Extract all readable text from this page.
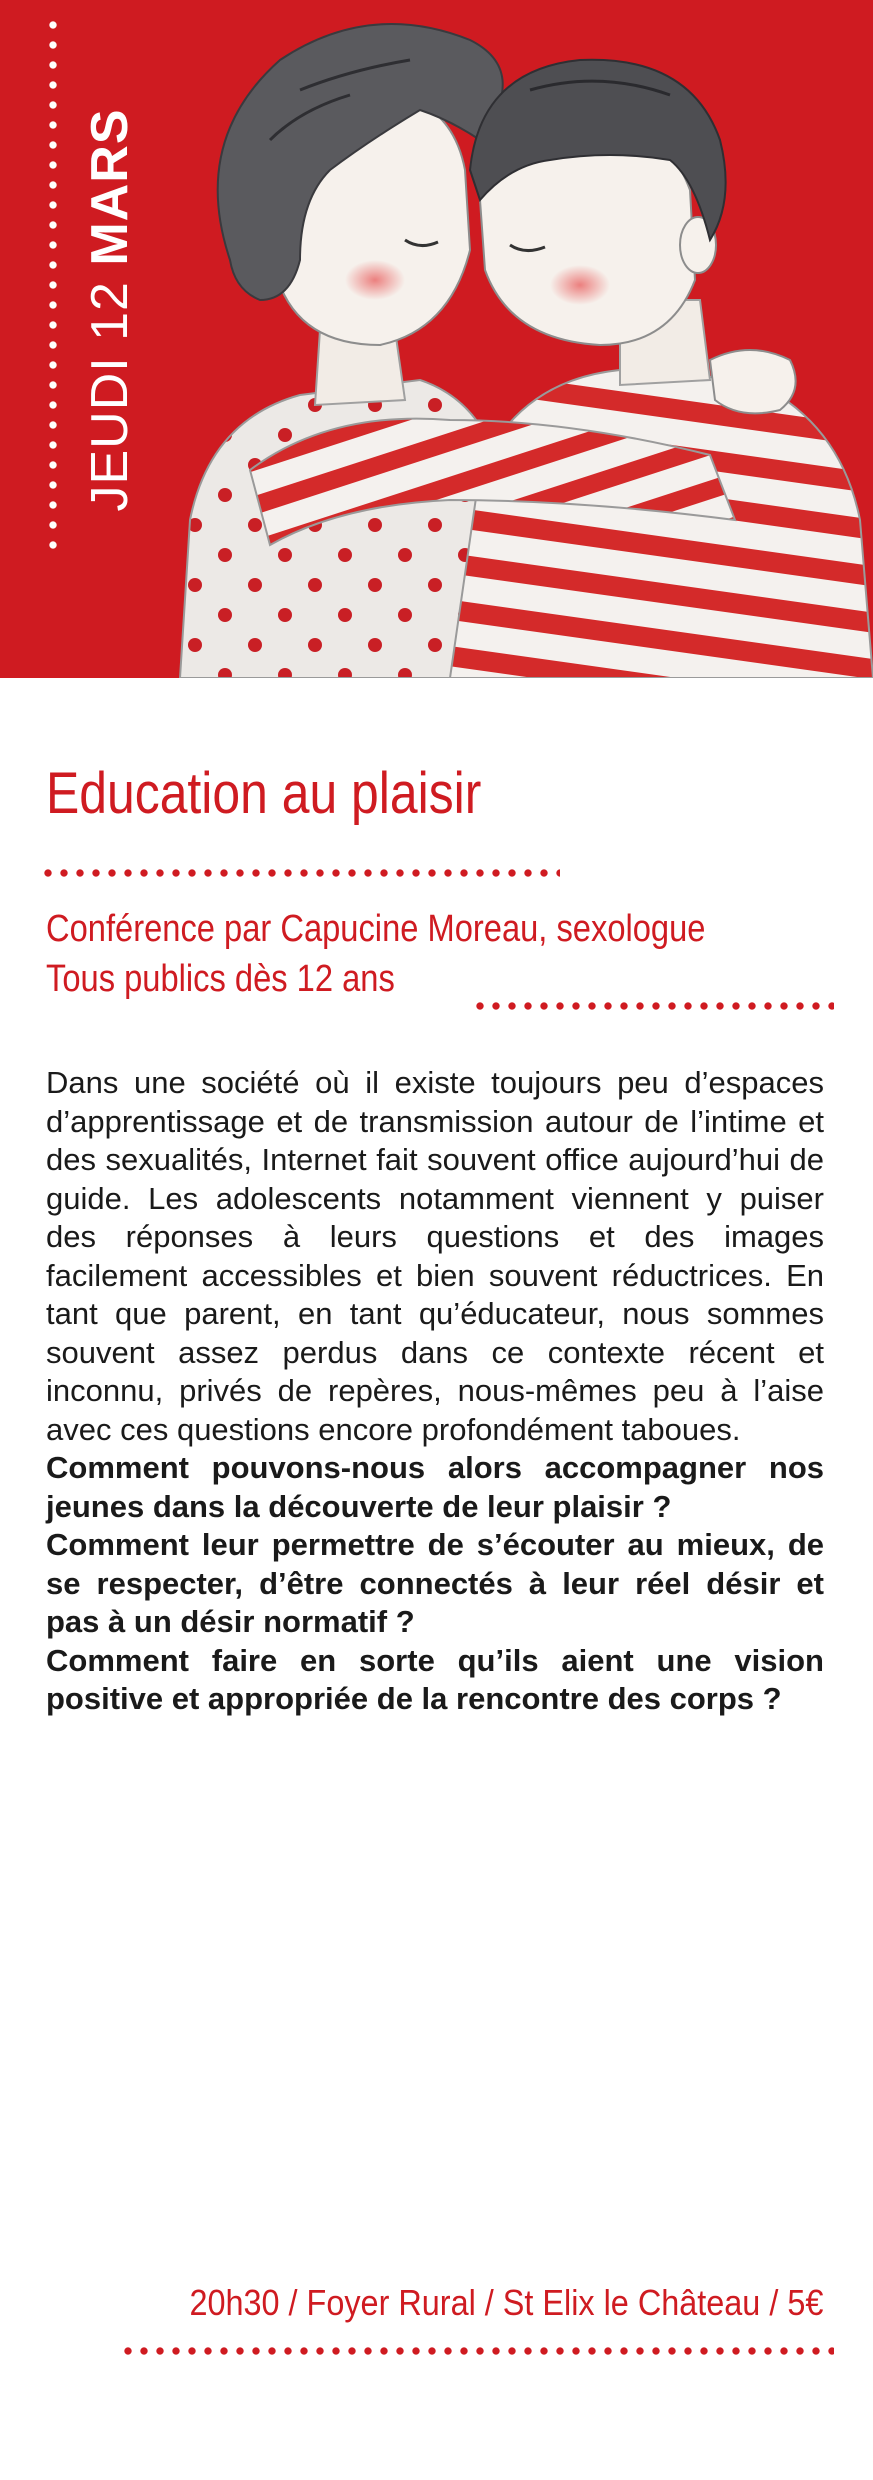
JEUDI 12 MARS
Education au plaisir

Conférence par Capucine Moreau, sexologue

Tous publics dès 12 ans

Dans une société où il existe toujours peu d’espaces d’apprentissage et de transmission autour de l’intime et des sexualités, Internet fait souvent office aujourd’hui de guide. Les adolescents notamment viennent y puiser des réponses à leurs questions et des images facilement accessibles et bien souvent réductrices. En tant que parent, en tant qu’éducateur, nous sommes souvent assez perdus dans ce contexte récent et inconnu, privés de repères, nous-mêmes peu à l’aise avec ces questions encore profondément taboues.

Comment pouvons-nous alors accompagner nos jeunes dans la découverte de leur plaisir ?

Comment leur permettre de s’écouter au mieux, de se respecter, d’être connectés à leur réel désir et pas à un désir normatif ?

Comment faire en sorte qu’ils aient une vision positive et appropriée de la rencontre des corps ?

20h30 / Foyer Rural / St Elix le Château / 5€
